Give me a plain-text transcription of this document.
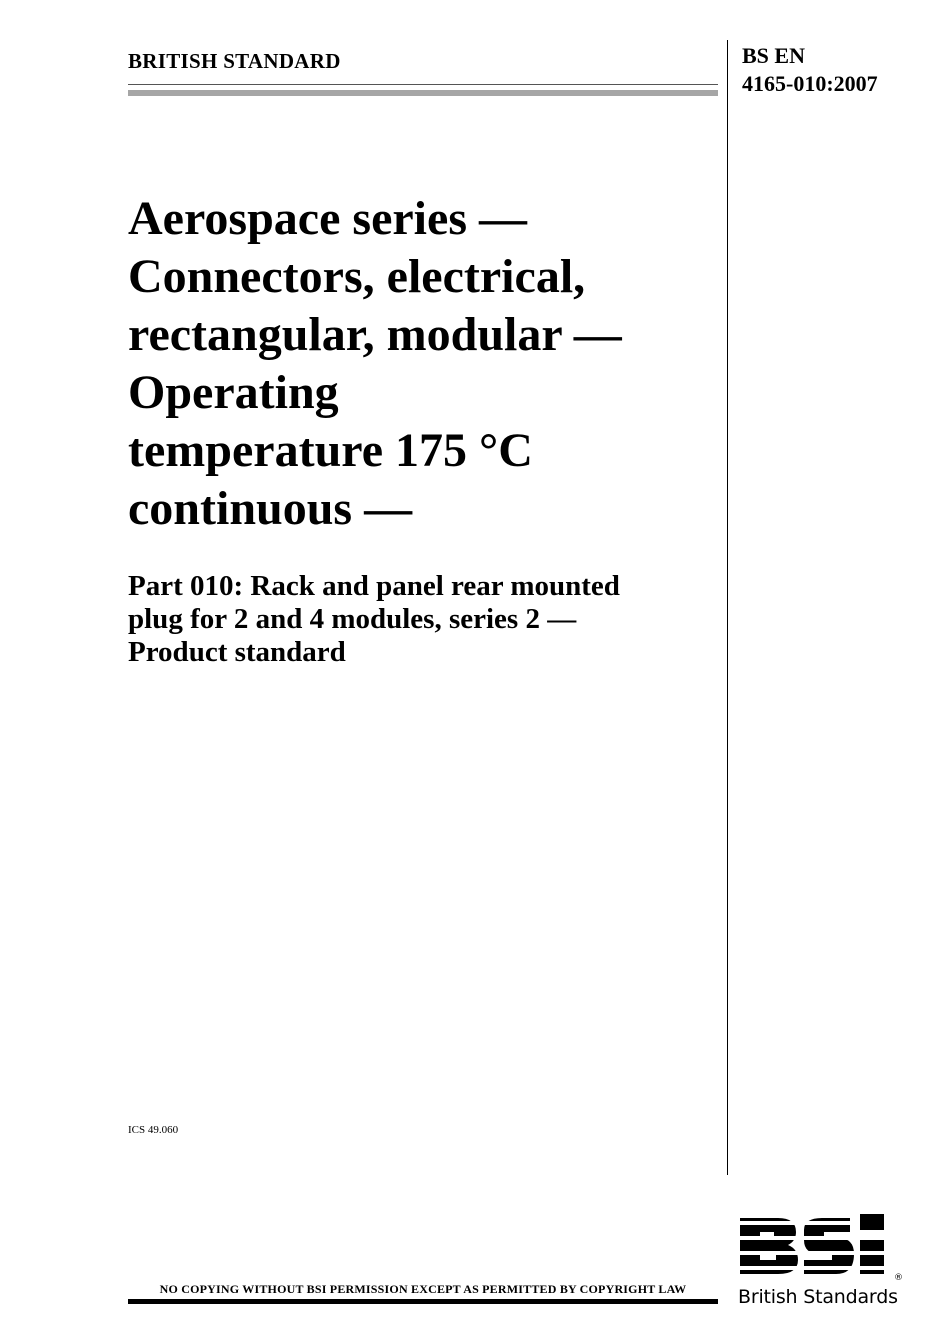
BRITISH STANDARD	BS EN
4165-010:2007
Aerospace series —
Connectors, electrical,
rectangular, modular —
Operating
temperature 175 °C
continuous —
Part 010: Rack and panel rear mounted
plug for 2 and 4 modules, series 2 —
Product standard
ICS 49.060
NO COPYING WITHOUT BSI PERMISSION EXCEPT AS PERMITTED BY COPYRIGHT LAW
®
British Standards
